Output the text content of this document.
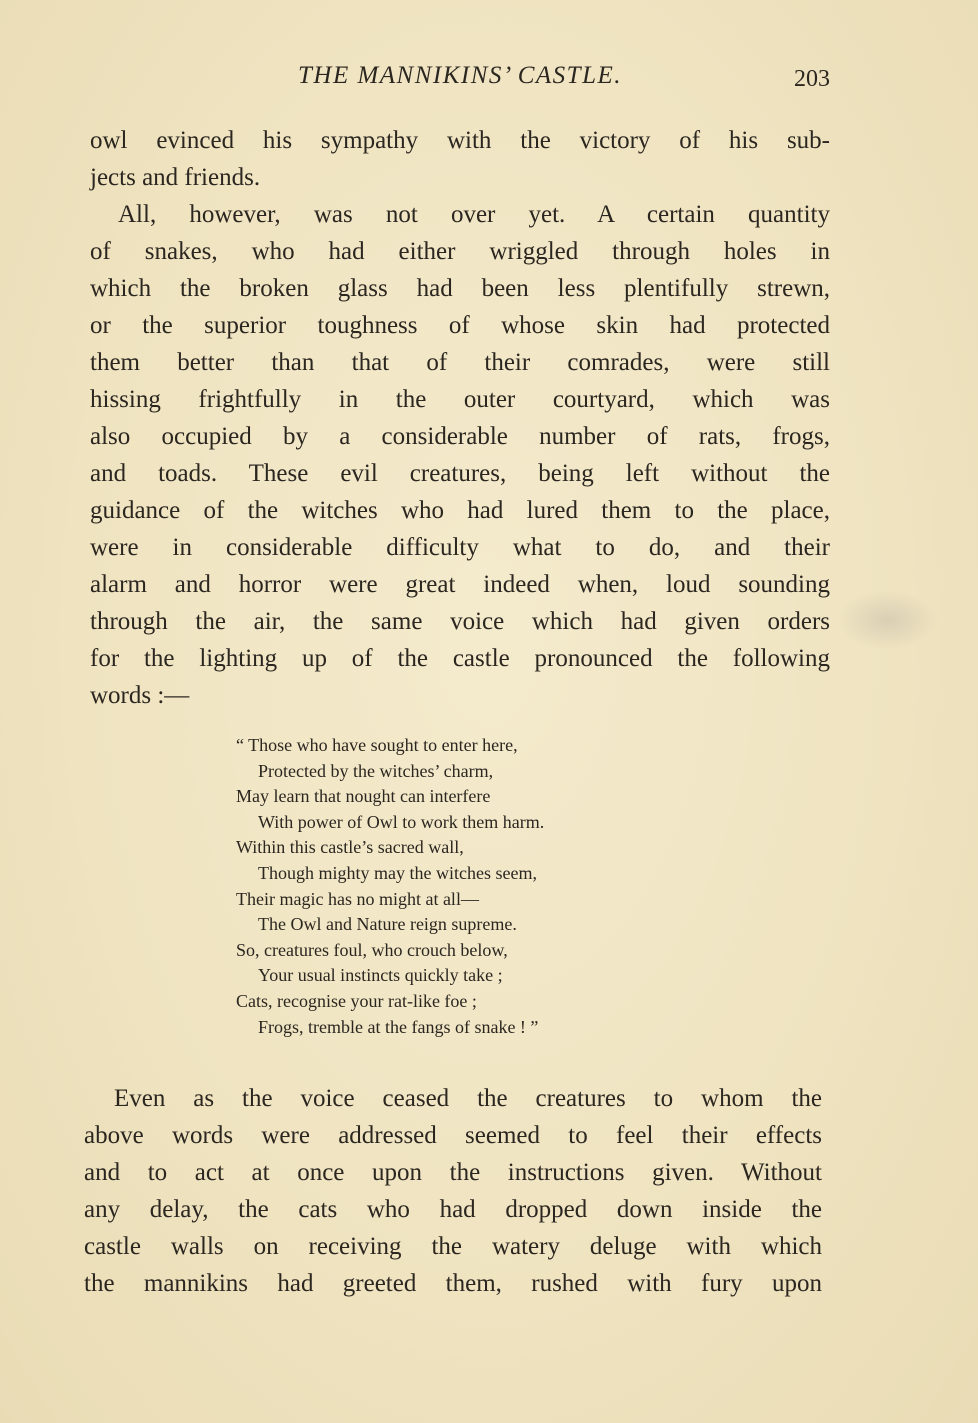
THE MANNIKINS’ CASTLE.	203
owl evinced his sympathy with the victory of his sub-
jects and friends.
All, however, was not over yet. A certain quantity
of snakes, who had either wriggled through holes in
which the broken glass had been less plentifully strewn,
or the superior toughness of whose skin had protected
them better than that of their comrades, were still
hissing frightfully in the outer courtyard, which was
also occupied by a considerable number of rats, frogs,
and toads. These evil creatures, being left without the
guidance of the witches who had lured them to the place,
were in considerable difficulty what to do, and their
alarm and horror were great indeed when, loud sounding
through the air, the same voice which had given orders
for the lighting up of the castle pronounced the following
words :—
“ Those who have sought to enter here,
Protected by the witches’ charm,
May learn that nought can interfere
With power of Owl to work them harm.
Within this castle’s sacred wall,
Though mighty may the witches seem,
Their magic has no might at all—
The Owl and Nature reign supreme.
So, creatures foul, who crouch below,
Your usual instincts quickly take ;
Cats, recognise your rat-like foe ;
Frogs, tremble at the fangs of snake ! ”
Even as the voice ceased the creatures to whom the
above words were addressed seemed to feel their effects
and to act at once upon the instructions given. Without
any delay, the cats who had dropped down inside the
castle walls on receiving the watery deluge with which
the mannikins had greeted them, rushed with fury upon
